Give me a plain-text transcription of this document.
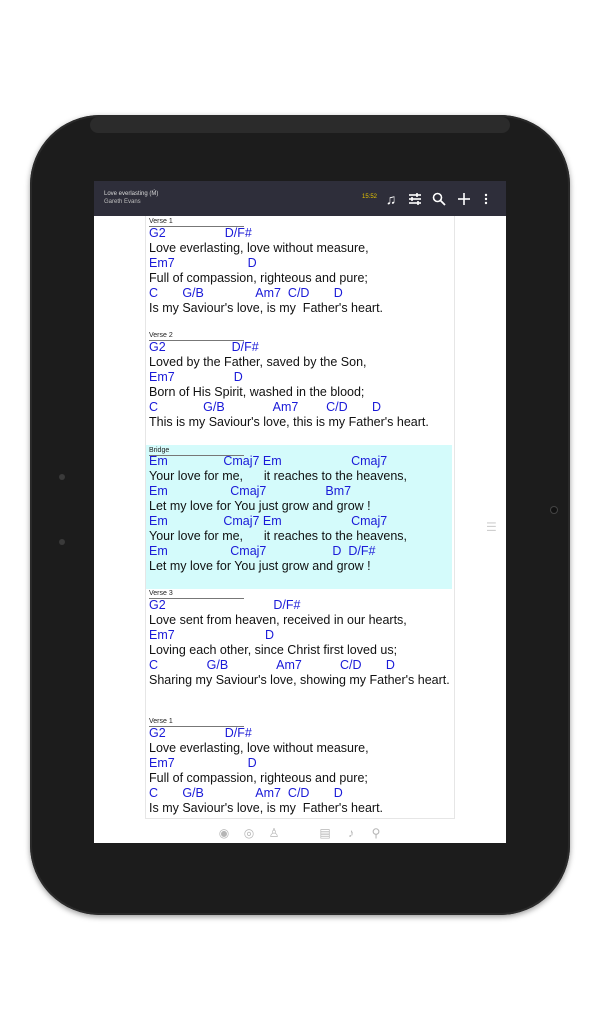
Love everlasting (Ḿ)
Gareth Evans
15:52 ♫
Verse 1
G2                 D/F#
Love everlasting, love without measure,
Em7                     D
Full of compassion, righteous and pure;
C       G/B               Am7  C/D       D
Is my Saviour's love, is my  Father's heart.
Verse 2
G2                   D/F#
Loved by the Father, saved by the Son,
Em7                 D
Born of His Spirit, washed in the blood;
C             G/B              Am7        C/D       D
This is my Saviour's love, this is my Father's heart.
Bridge
Em                Cmaj7 Em                    Cmaj7
Your love for me,      it reaches to the heavens,
Em                  Cmaj7                 Bm7
Let my love for You just grow and grow !
Em                Cmaj7 Em                    Cmaj7
Your love for me,      it reaches to the heavens,
Em                  Cmaj7                   D  D/F#
Let my love for You just grow and grow !
Verse 3
G2                               D/F#
Love sent from heaven, received in our hearts,
Em7                          D
Loving each other, since Christ first loved us;
C              G/B              Am7           C/D       D
Sharing my Saviour's love, showing my Father's heart.
Verse 1
G2                 D/F#
Love everlasting, love without measure,
Em7                     D
Full of compassion, righteous and pure;
C       G/B               Am7  C/D       D
Is my Saviour's love, is my  Father's heart.
◉ ◎ ♙	▤	♪	⚲
☰
